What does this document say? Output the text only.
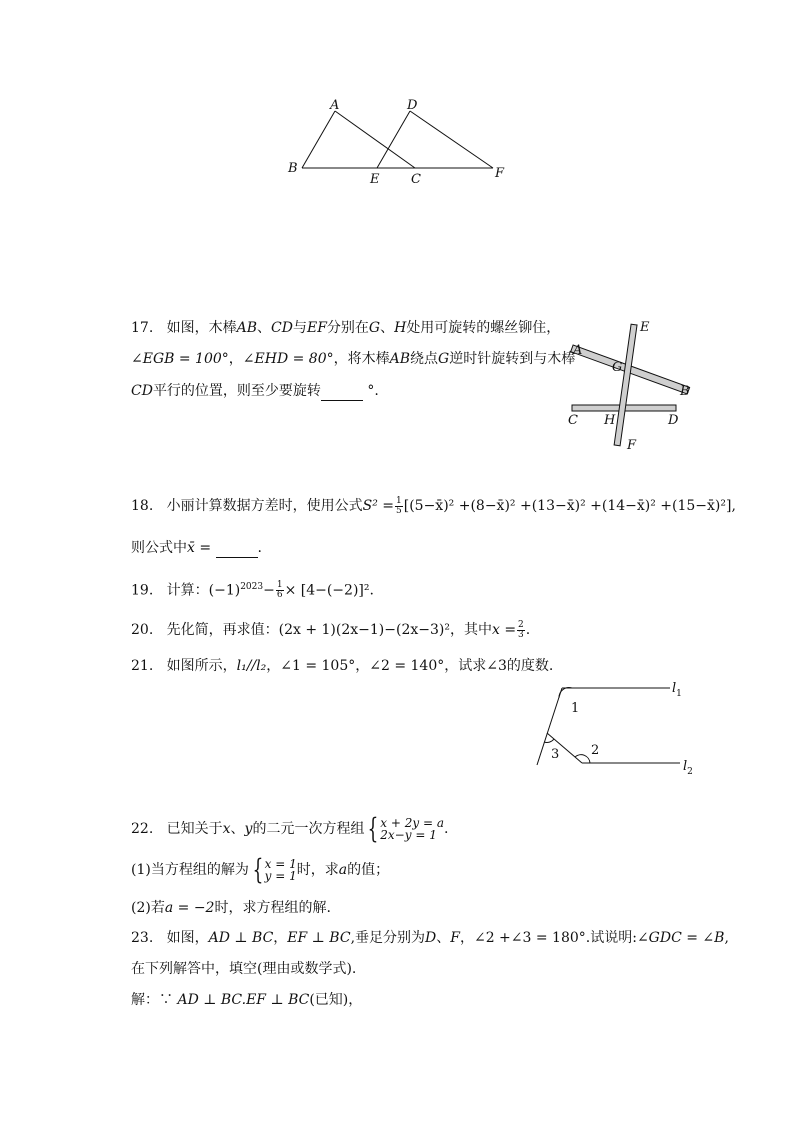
A	D
B
E C	F
17. 如图，木棒AB、CD与EF分别在G、H处用可旋转的螺丝铆住，
∠EGB = 100°，∠EHD = 80°，将木棒AB绕点G逆时针旋转到与木棒
CD平行的位置，则至少要旋转	°.
E
A
G
B
C H	D
F
18. 小丽计算数据方差时，使用公式$S^2 = \frac{1}{5}$ [(5−x̄)² +(8−x̄)² +(13−x̄)² +(14−x̄)² +(15−x̄)²],
则公式中x̄ =	.
19. 计算：$(-1)^{2023}- \frac{1}{6} \times [4-(-2)]^2$.
20. 先化简，再求值：(2x + 1)(2x−1)−(2x−3)²，其中$x = \frac{2}{3}$ .
21. 如图所示，l₁//l₂，∠1 = 105°，∠2 = 140°，试求∠3的度数.
1
2
3
$l_1$
$l_2$
22. 已知关于x、y的二元一次方程组 { x + 2y = a
2x−y = 1 .
(1)当方程组的解为 { x = 1
y = 1 时，求a的值；
(2)若a = −2时，求方程组的解.
23. 如图，AD ⊥ BC，EF ⊥ BC,垂足分别为D、F，∠2 +∠3 = 180°.试说明:∠GDC = ∠B,
在下列解答中，填空(理由或数学式).
解：∵ AD ⊥ BC.EF ⊥ BC(已知)，
